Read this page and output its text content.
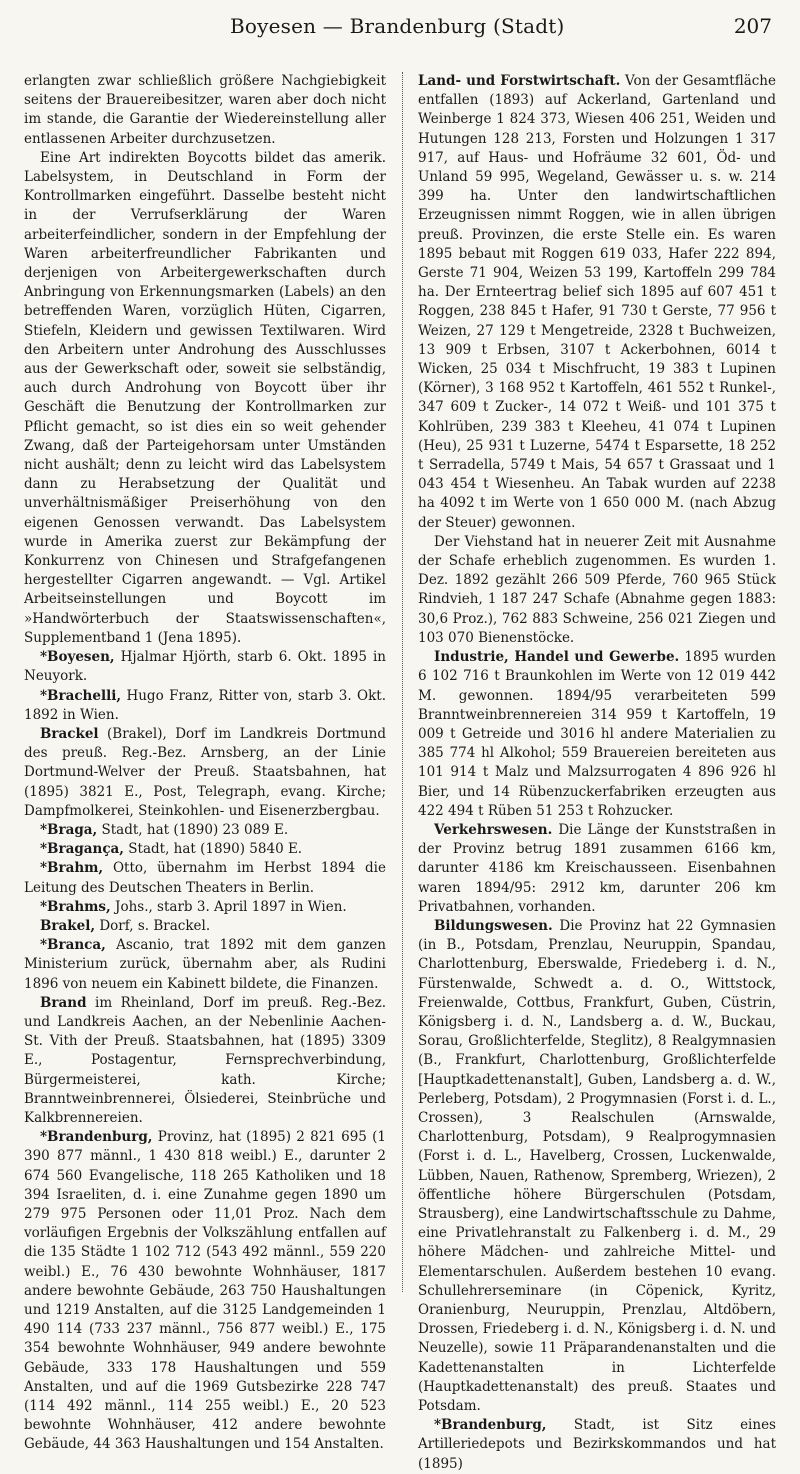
Boyesen — Brandenburg (Stadt)	207

erlangten zwar schließlich größere Nachgiebigkeit seitens der Brauereibesitzer, waren aber doch nicht im stande, die Garantie der Wiedereinstellung aller entlassenen Arbeiter durchzusetzen.

Eine Art indirekten Boycotts bildet das amerik. Labelsystem, in Deutschland in Form der Kontrollmarken eingeführt. Dasselbe besteht nicht in der Verrufserklärung der Waren arbeiterfeindlicher, sondern in der Empfehlung der Waren arbeiterfreundlicher Fabrikanten und derjenigen von Arbeitergewerkschaften durch Anbringung von Erkennungsmarken (Labels) an den betreffenden Waren, vorzüglich Hüten, Cigarren, Stiefeln, Kleidern und gewissen Textilwaren. Wird den Arbeitern unter Androhung des Ausschlusses aus der Gewerkschaft oder, soweit sie selbständig, auch durch Androhung von Boycott über ihr Geschäft die Benutzung der Kontrollmarken zur Pflicht gemacht, so ist dies ein so weit gehender Zwang, daß der Parteigehorsam unter Umständen nicht aushält; denn zu leicht wird das Labelsystem dann zu Herabsetzung der Qualität und unverhältnismäßiger Preiserhöhung von den eigenen Genossen verwandt. Das Labelsystem wurde in Amerika zuerst zur Bekämpfung der Konkurrenz von Chinesen und Strafgefangenen hergestellter Cigarren angewandt. — Vgl. Artikel Arbeitseinstellungen und Boycott im »Handwörterbuch der Staatswissenschaften«, Supplementband 1 (Jena 1895).

*Boyesen, Hjalmar Hjörth, starb 6. Okt. 1895 in Neuyork.

*Brachelli, Hugo Franz, Ritter von, starb 3. Okt. 1892 in Wien.

Brackel (Brakel), Dorf im Landkreis Dortmund des preuß. Reg.-Bez. Arnsberg, an der Linie Dortmund-Welver der Preuß. Staatsbahnen, hat (1895) 3821 E., Post, Telegraph, evang. Kirche; Dampfmolkerei, Steinkohlen- und Eisenerzbergbau.

*Braga, Stadt, hat (1890) 23 089 E.

*Bragança, Stadt, hat (1890) 5840 E.

*Brahm, Otto, übernahm im Herbst 1894 die Leitung des Deutschen Theaters in Berlin.

*Brahms, Johs., starb 3. April 1897 in Wien.

Brakel, Dorf, s. Brackel.

*Branca, Ascanio, trat 1892 mit dem ganzen Ministerium zurück, übernahm aber, als Rudini 1896 von neuem ein Kabinett bildete, die Finanzen.

Brand im Rheinland, Dorf im preuß. Reg.-Bez. und Landkreis Aachen, an der Nebenlinie Aachen-St. Vith der Preuß. Staatsbahnen, hat (1895) 3309 E., Postagentur, Fernsprechverbindung, Bürgermeisterei, kath. Kirche; Branntweinbrennerei, Ölsiederei, Steinbrüche und Kalkbrennereien.

*Brandenburg, Provinz, hat (1895) 2 821 695 (1 390 877 männl., 1 430 818 weibl.) E., darunter 2 674 560 Evangelische, 118 265 Katholiken und 18 394 Israeliten, d. i. eine Zunahme gegen 1890 um 279 975 Personen oder 11,01 Proz. Nach dem vorläufigen Ergebnis der Volkszählung entfallen auf die 135 Städte 1 102 712 (543 492 männl., 559 220 weibl.) E., 76 430 bewohnte Wohnhäuser, 1817 andere bewohnte Gebäude, 263 750 Haushaltungen und 1219 Anstalten, auf die 3125 Landgemeinden 1 490 114 (733 237 männl., 756 877 weibl.) E., 175 354 bewohnte Wohnhäuser, 949 andere bewohnte Gebäude, 333 178 Haushaltungen und 559 Anstalten, und auf die 1969 Gutsbezirke 228 747 (114 492 männl., 114 255 weibl.) E., 20 523 bewohnte Wohnhäuser, 412 andere bewohnte Gebäude, 44 363 Haushaltungen und 154 Anstalten.

Land- und Forstwirtschaft. Von der Gesamtfläche entfallen (1893) auf Ackerland, Gartenland und Weinberge 1 824 373, Wiesen 406 251, Weiden und Hutungen 128 213, Forsten und Holzungen 1 317 917, auf Haus- und Hofräume 32 601, Öd- und Unland 59 995, Wegeland, Gewässer u. s. w. 214 399 ha. Unter den landwirtschaftlichen Erzeugnissen nimmt Roggen, wie in allen übrigen preuß. Provinzen, die erste Stelle ein. Es waren 1895 bebaut mit Roggen 619 033, Hafer 222 894, Gerste 71 904, Weizen 53 199, Kartoffeln 299 784 ha. Der Ernteertrag belief sich 1895 auf 607 451 t Roggen, 238 845 t Hafer, 91 730 t Gerste, 77 956 t Weizen, 27 129 t Mengetreide, 2328 t Buchweizen, 13 909 t Erbsen, 3107 t Ackerbohnen, 6014 t Wicken, 25 034 t Mischfrucht, 19 383 t Lupinen (Körner), 3 168 952 t Kartoffeln, 461 552 t Runkel-, 347 609 t Zucker-, 14 072 t Weiß- und 101 375 t Kohlrüben, 239 383 t Kleeheu, 41 074 t Lupinen (Heu), 25 931 t Luzerne, 5474 t Esparsette, 18 252 t Serradella, 5749 t Mais, 54 657 t Grassaat und 1 043 454 t Wiesenheu. An Tabak wurden auf 2238 ha 4092 t im Werte von 1 650 000 M. (nach Abzug der Steuer) gewonnen.

Der Viehstand hat in neuerer Zeit mit Ausnahme der Schafe erheblich zugenommen. Es wurden 1. Dez. 1892 gezählt 266 509 Pferde, 760 965 Stück Rindvieh, 1 187 247 Schafe (Abnahme gegen 1883: 30,6 Proz.), 762 883 Schweine, 256 021 Ziegen und 103 070 Bienenstöcke.

Industrie, Handel und Gewerbe. 1895 wurden 6 102 716 t Braunkohlen im Werte von 12 019 442 M. gewonnen. 1894/95 verarbeiteten 599 Branntweinbrennereien 314 959 t Kartoffeln, 19 009 t Getreide und 3016 hl andere Materialien zu 385 774 hl Alkohol; 559 Brauereien bereiteten aus 101 914 t Malz und Malzsurrogaten 4 896 926 hl Bier, und 14 Rübenzuckerfabriken erzeugten aus 422 494 t Rüben 51 253 t Rohzucker.

Verkehrswesen. Die Länge der Kunststraßen in der Provinz betrug 1891 zusammen 6166 km, darunter 4186 km Kreischausseen. Eisenbahnen waren 1894/95: 2912 km, darunter 206 km Privatbahnen, vorhanden.

Bildungswesen. Die Provinz hat 22 Gymnasien (in B., Potsdam, Prenzlau, Neuruppin, Spandau, Charlottenburg, Eberswalde, Friedeberg i. d. N., Fürstenwalde, Schwedt a. d. O., Wittstock, Freienwalde, Cottbus, Frankfurt, Guben, Cüstrin, Königsberg i. d. N., Landsberg a. d. W., Buckau, Sorau, Großlichterfelde, Steglitz), 8 Realgymnasien (B., Frankfurt, Charlottenburg, Großlichterfelde [Hauptkadettenanstalt], Guben, Landsberg a. d. W., Perleberg, Potsdam), 2 Progymnasien (Forst i. d. L., Crossen), 3 Realschulen (Arnswalde, Charlottenburg, Potsdam), 9 Realprogymnasien (Forst i. d. L., Havelberg, Crossen, Luckenwalde, Lübben, Nauen, Rathenow, Spremberg, Wriezen), 2 öffentliche höhere Bürgerschulen (Potsdam, Strausberg), eine Landwirtschaftsschule zu Dahme, eine Privatlehranstalt zu Falkenberg i. d. M., 29 höhere Mädchen- und zahlreiche Mittel- und Elementarschulen. Außerdem bestehen 10 evang. Schullehrerseminare (in Cöpenick, Kyritz, Oranienburg, Neuruppin, Prenzlau, Altdöbern, Drossen, Friedeberg i. d. N., Königsberg i. d. N. und Neuzelle), sowie 11 Präparandenanstalten und die Kadettenanstalten in Lichterfelde (Hauptkadettenanstalt) des preuß. Staates und Potsdam.

*Brandenburg, Stadt, ist Sitz eines Artilleriedepots und Bezirkskommandos und hat (1895)
